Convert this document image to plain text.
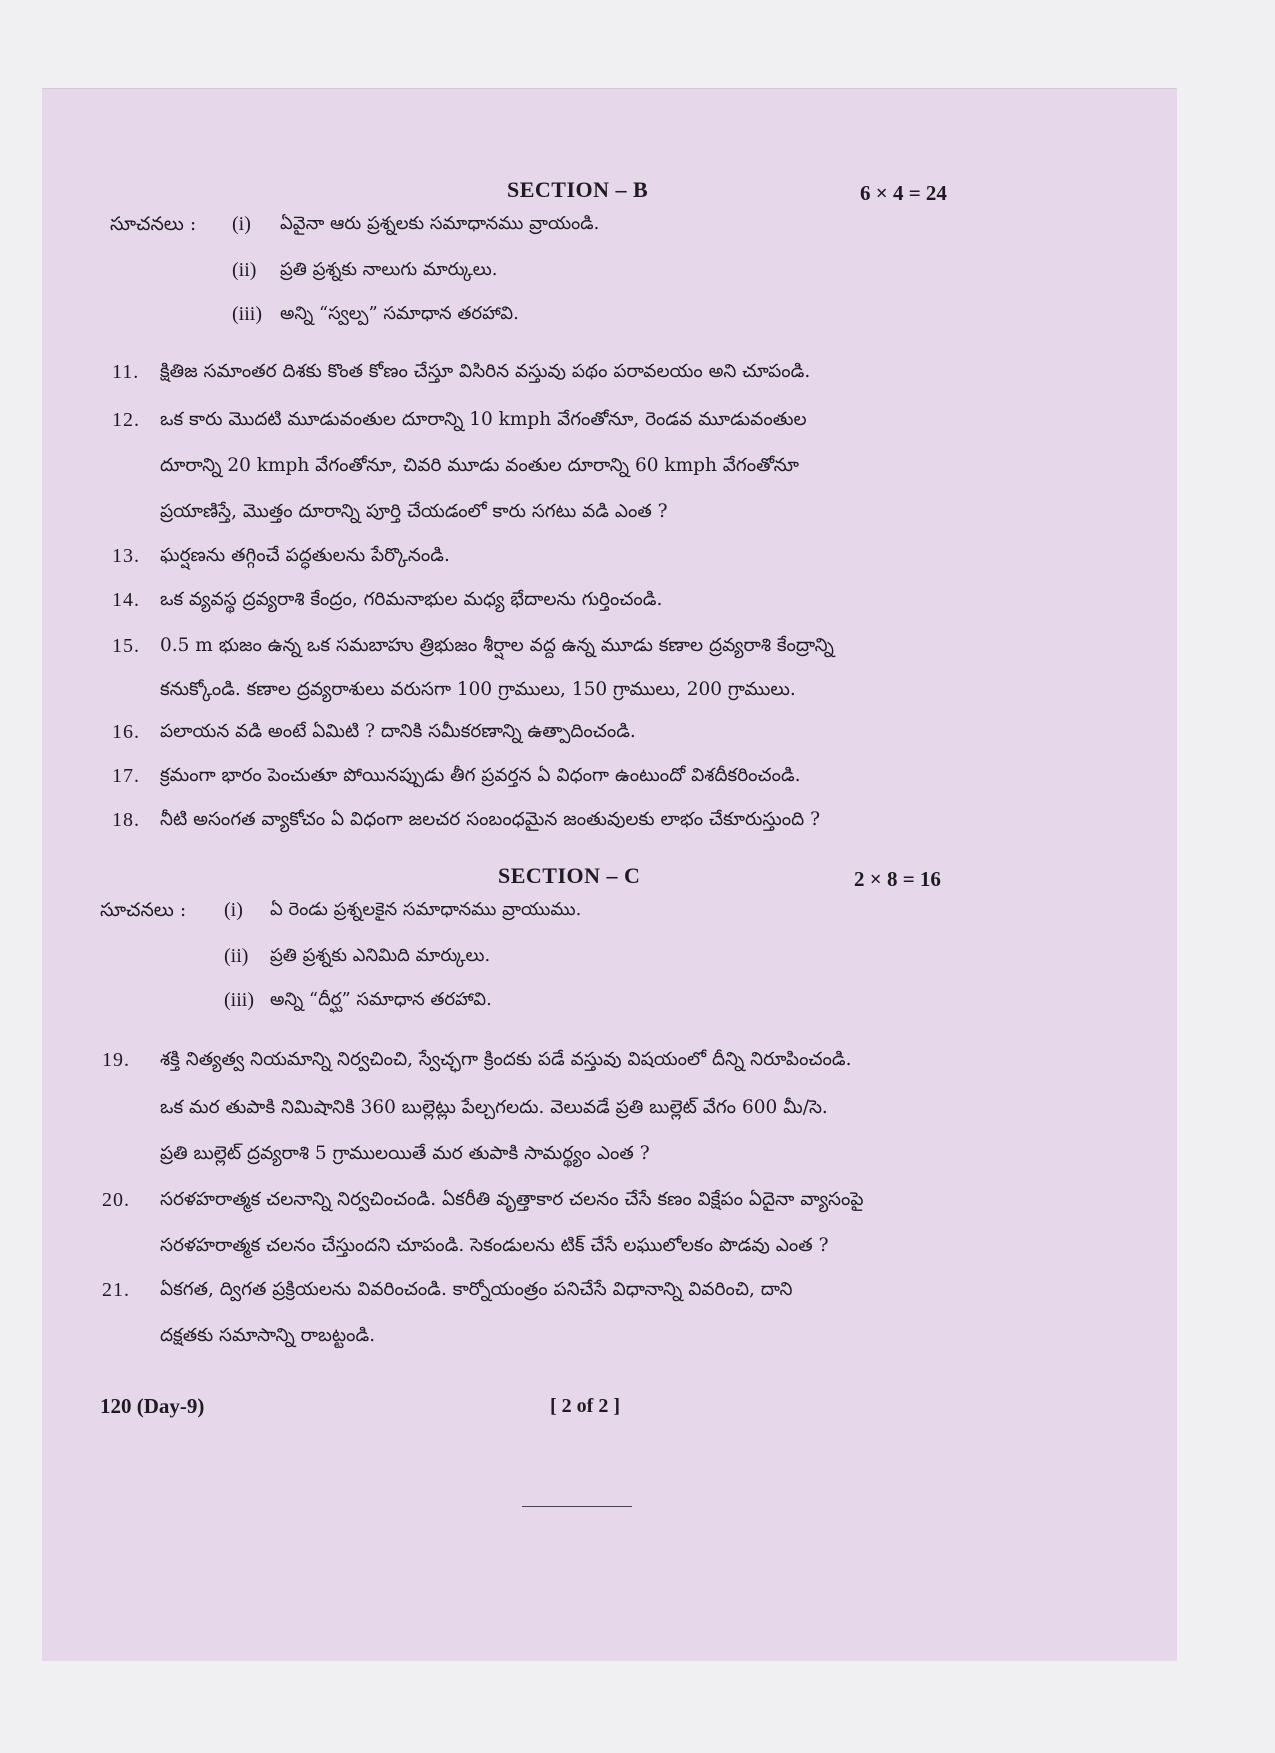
SECTION – B	6 × 4 = 24
సూచనలు : (i) ఏవైనా ఆరు ప్రశ్నలకు సమాధానము వ్రాయండి.
(ii) ప్రతి ప్రశ్నకు నాలుగు మార్కులు.
(iii) అన్ని “స్వల్ప” సమాధాన తరహావి.
11. క్షితిజ సమాంతర దిశకు కొంత కోణం చేస్తూ విసిరిన వస్తువు పథం పరావలయం అని చూపండి.
12. ఒక కారు మొదటి మూడువంతుల దూరాన్ని 10 kmph వేగంతోనూ, రెండవ మూడువంతుల
దూరాన్ని 20 kmph వేగంతోనూ, చివరి మూడు వంతుల దూరాన్ని 60 kmph వేగంతోనూ
ప్రయాణిస్తే, మొత్తం దూరాన్ని పూర్తి చేయడంలో కారు సగటు వడి ఎంత ?
13. ఘర్షణను తగ్గించే పద్ధతులను పేర్కొనండి.
14. ఒక వ్యవస్థ ద్రవ్యరాశి కేంద్రం, గరిమనాభుల మధ్య భేదాలను గుర్తించండి.
15. 0.5 m భుజం ఉన్న ఒక సమబాహు త్రిభుజం శీర్షాల వద్ద ఉన్న మూడు కణాల ద్రవ్యరాశి కేంద్రాన్ని
కనుక్కోండి. కణాల ద్రవ్యరాశులు వరుసగా 100 గ్రాములు, 150 గ్రాములు, 200 గ్రాములు.
16. పలాయన వడి అంటే ఏమిటి ? దానికి సమీకరణాన్ని ఉత్పాదించండి.
17. క్రమంగా భారం పెంచుతూ పోయినప్పుడు తీగ ప్రవర్తన ఏ విధంగా ఉంటుందో విశదీకరించండి.
18. నీటి అసంగత వ్యాకోచం ఏ విధంగా జలచర సంబంధమైన జంతువులకు లాభం చేకూరుస్తుంది ?
SECTION – C	2 × 8 = 16
సూచనలు : (i) ఏ రెండు ప్రశ్నలకైన సమాధానము వ్రాయుము.
(ii) ప్రతి ప్రశ్నకు ఎనిమిది మార్కులు.
(iii) అన్ని “దీర్ఘ” సమాధాన తరహావి.
19. శక్తి నిత్యత్వ నియమాన్ని నిర్వచించి, స్వేచ్ఛగా క్రిందకు పడే వస్తువు విషయంలో దీన్ని నిరూపించండి.
ఒక మర తుపాకి నిమిషానికి 360 బుల్లెట్లు పేల్చగలదు. వెలువడే ప్రతి బుల్లెట్ వేగం 600 మీ/సె.
ప్రతి బుల్లెట్ ద్రవ్యరాశి 5 గ్రాములయితే మర తుపాకి సామర్థ్యం ఎంత ?
20. సరళహరాత్మక చలనాన్ని నిర్వచించండి. ఏకరీతి వృత్తాకార చలనం చేసే కణం విక్షేపం ఏదైనా వ్యాసంపై
సరళహరాత్మక చలనం చేస్తుందని చూపండి. సెకండులను టిక్ చేసే లఘులోలకం పొడవు ఎంత ?
21. ఏకగత, ద్విగత ప్రక్రియలను వివరించండి. కార్నోయంత్రం పనిచేసే విధానాన్ని వివరించి, దాని
దక్షతకు సమాసాన్ని రాబట్టండి.
120 (Day-9)	[ 2 of 2 ]
